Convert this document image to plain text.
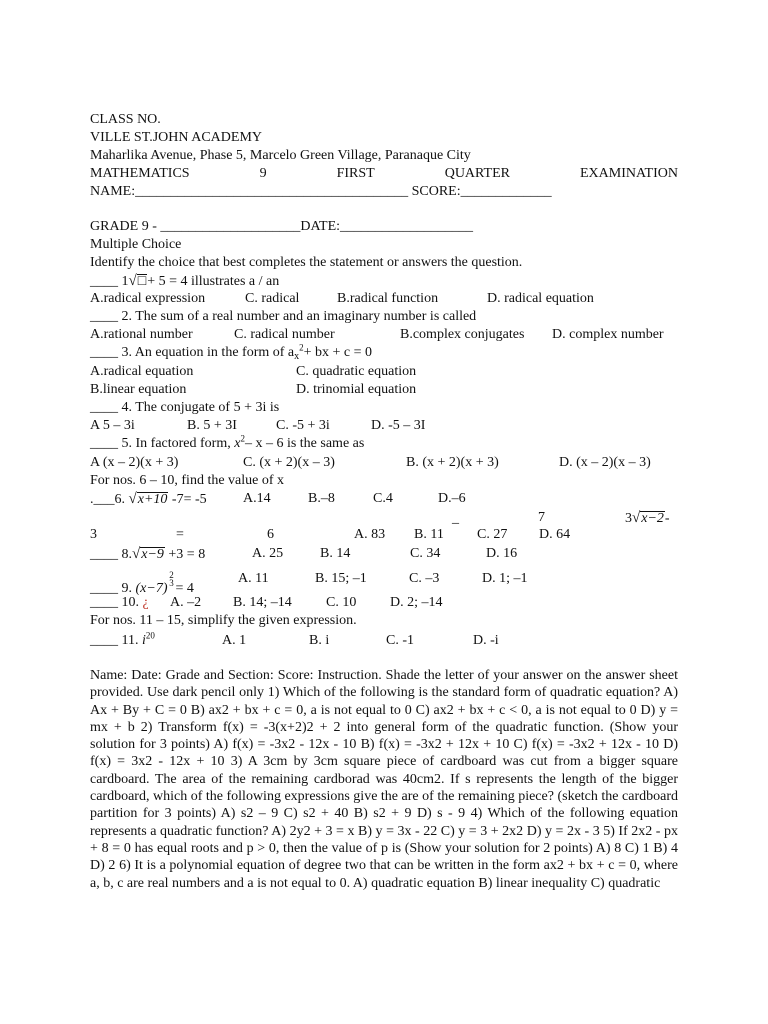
CLASS NO.
VILLE ST.JOHN ACADEMY
Maharlika Avenue, Phase 5, Marcelo Green Village, Paranaque City
MATHEMATICS	9	FIRST	QUARTER	EXAMINATION
NAME:_______________________________________ SCORE:_____________
GRADE 9 - ____________________DATE:___________________
Multiple Choice
Identify the choice that best completes the statement or answers the question.
____ 1√□+ 5 = 4 illustrates a / an
A.radical expression	C. radical	B.radical function	D. radical equation
____ 2. The sum of a real number and an imaginary number is called
A.rational number	C. radical number	B.complex conjugates D. complex number
____ 3. An equation in the form of $a_x^2+$ bx + c = 0
A.radical equation	C. quadratic equation
B.linear equation	D. trinomial equation
____ 4. The conjugate of 5 + 3i is
A 5 – 3i	B. 5 + 3I	C. -5 + 3i	D. -5 – 3I
____ 5. In factored form, $x^2-$ x – 6 is the same as
A (x – 2)(x + 3)	C. (x + 2)(x – 3)	B. (x + 2)(x + 3)	D. (x – 2)(x – 3)
For nos. 6 – 10, find the value of x
.___6. √x+10 -7= -5	A.14	B.–8	C.4	D.–6
_	7	3√x−2-
3	=	6	A. 83 B. 11 C. 27 D. 64
____ 8.√x−9 +3 = 8	A. 25	B. 14	C. 34	D. 16
____ 9. (x−7)2
3 = 4
A. 11	B. 15; –1	C. –3	D. 1; –1
____ 10. ¿ A. –2 B. 14; –14 C. 10 D. 2; –14
For nos. 11 – 15, simplify the given expression.
____ 11. $i^{20}$	A. 1	B. i	C. -1	D. -i
Name: Date: Grade and Section: Score: Instruction. Shade the letter of your answer on the answer sheet provided. Use dark pencil only 1) Which of the following is the standard form of quadratic equation? A) Ax + By + C = 0 B) ax2 + bx + c = 0, a is not equal to 0 C) ax2 + bx + c < 0, a is not equal to 0 D) y = mx + b 2) Transform f(x) = -3(x+2)2 + 2 into general form of the quadratic function. (Show your solution for 3 points) A) f(x) = -3x2 - 12x - 10 B) f(x) = -3x2 + 12x + 10 C) f(x) = -3x2 + 12x - 10 D) f(x) = 3x2 - 12x + 10 3) A 3cm by 3cm square piece of cardboard was cut from a bigger square cardboard. The area of the remaining cardborad was 40cm2. If s represents the length of the bigger cardboard, which of the following expressions give the are of the remaining piece? (sketch the cardboard partition for 3 points) A) s2 – 9 C) s2 + 40 B) s2 + 9 D) s - 9 4) Which of the following equation represents a quadratic function? A) 2y2 + 3 = x B) y = 3x - 22 C) y = 3 + 2x2 D) y = 2x - 3 5) If 2x2 - px + 8 = 0 has equal roots and p > 0, then the value of p is (Show your solution for 2 points) A) 8 C) 1 B) 4 D) 2 6) It is a polynomial equation of degree two that can be written in the form ax2 + bx + c = 0, where a, b, c are real numbers and a is not equal to 0. A) quadratic equation B) linear inequality C) quadratic
